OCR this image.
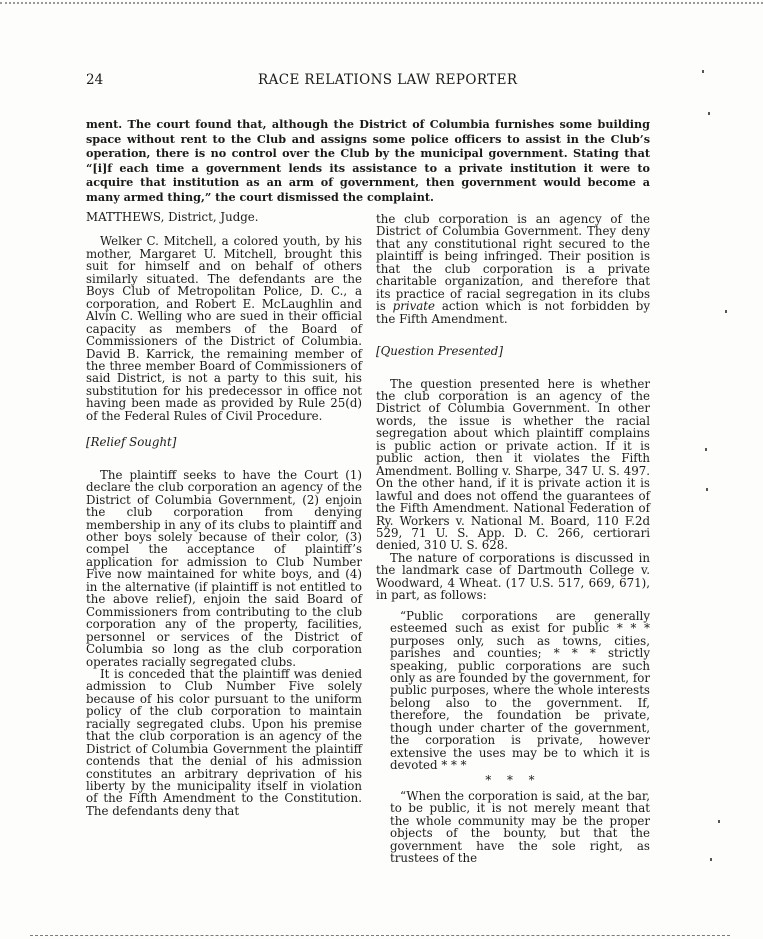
24	RACE RELATIONS LAW REPORTER

ment. The court found that, although the District of Columbia furnishes some building space without rent to the Club and assigns some police officers to assist in the Club’s operation, there is no control over the Club by the municipal government. Stating that “[i]f each time a government lends its assistance to a private institution it were to acquire that institution as an arm of government, then government would become a many armed thing,” the court dismissed the complaint.

MATTHEWS, District, Judge.

Welker C. Mitchell, a colored youth, by his mother, Margaret U. Mitchell, brought this suit for himself and on behalf of others similarly situated. The defendants are the Boys Club of Metropolitan Police, D. C., a corporation, and Robert E. McLaughlin and Alvin C. Welling who are sued in their official capacity as members of the Board of Commissioners of the District of Columbia. David B. Karrick, the remaining member of the three member Board of Commissioners of said District, is not a party to this suit, his substitution for his predecessor in office not having been made as provided by Rule 25(d) of the Federal Rules of Civil Procedure.

[Relief Sought]

The plaintiff seeks to have the Court (1) declare the club corporation an agency of the District of Columbia Government, (2) enjoin the club corporation from denying membership in any of its clubs to plaintiff and other boys solely because of their color, (3) compel the acceptance of plaintiff’s application for admission to Club Number Five now maintained for white boys, and (4) in the alternative (if plaintiff is not entitled to the above relief), enjoin the said Board of Commissioners from contributing to the club corporation any of the property, facilities, personnel or services of the District of Columbia so long as the club corporation operates racially segregated clubs.

It is conceded that the plaintiff was denied admission to Club Number Five solely because of his color pursuant to the uniform policy of the club corporation to maintain racially segregated clubs. Upon his premise that the club corporation is an agency of the District of Columbia Government the plaintiff contends that the denial of his admission constitutes an arbitrary deprivation of his liberty by the municipality itself in violation of the Fifth Amendment to the Constitution. The defendants deny that

the club corporation is an agency of the District of Columbia Government. They deny that any constitutional right secured to the plaintiff is being infringed. Their position is that the club corporation is a private charitable organization, and therefore that its practice of racial segregation in its clubs is private action which is not forbidden by the Fifth Amendment.

[Question Presented]

The question presented here is whether the club corporation is an agency of the District of Columbia Government. In other words, the issue is whether the racial segregation about which plaintiff complains is public action or private action. If it is public action, then it violates the Fifth Amendment. Bolling v. Sharpe, 347 U. S. 497. On the other hand, if it is private action it is lawful and does not offend the guarantees of the Fifth Amendment. National Federation of Ry. Workers v. National M. Board, 110 F.2d 529, 71 U. S. App. D. C. 266, certiorari denied, 310 U. S. 628.

The nature of corporations is discussed in the landmark case of Dartmouth College v. Woodward, 4 Wheat. (17 U.S. 517, 669, 671), in part, as follows:

“Public corporations are generally esteemed such as exist for public * * * purposes only, such as towns, cities, parishes and counties; * * * strictly speaking, public corporations are such only as are founded by the government, for public purposes, where the whole interests belong also to the government. If, therefore, the foundation be private, though under charter of the government, the corporation is private, however extensive the uses may be to which it is devoted * * *

* * *

“When the corporation is said, at the bar, to be public, it is not merely meant that the whole community may be the proper objects of the bounty, but that the government have the sole right, as trustees of the
